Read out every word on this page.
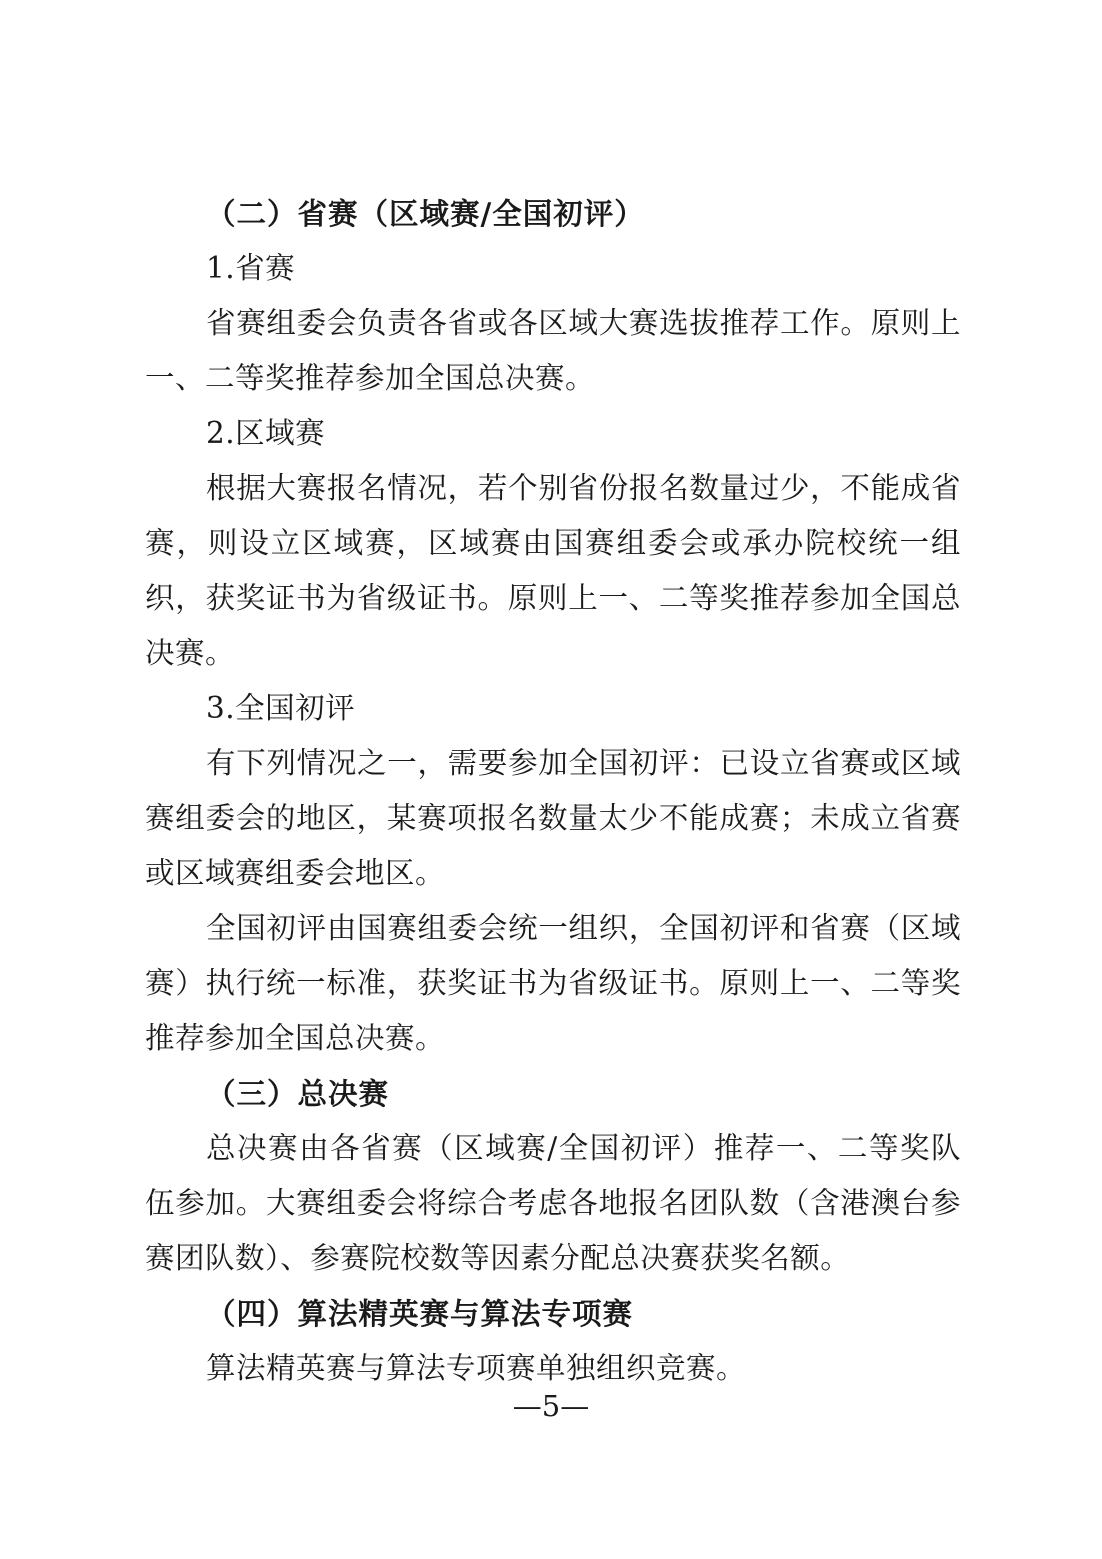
（二）省赛（区域赛/全国初评）

1.省赛

省赛组委会负责各省或各区域大赛选拔推荐工作。原则上一、二等奖推荐参加全国总决赛。

2.区域赛

根据大赛报名情况，若个别省份报名数量过少，不能成省赛，则设立区域赛，区域赛由国赛组委会或承办院校统一组织，获奖证书为省级证书。原则上一、二等奖推荐参加全国总决赛。

3.全国初评

有下列情况之一，需要参加全国初评：已设立省赛或区域赛组委会的地区，某赛项报名数量太少不能成赛；未成立省赛或区域赛组委会地区。

全国初评由国赛组委会统一组织，全国初评和省赛（区域赛）执行统一标准，获奖证书为省级证书。原则上一、二等奖推荐参加全国总决赛。

（三）总决赛

总决赛由各省赛（区域赛/全国初评）推荐一、二等奖队伍参加。大赛组委会将综合考虑各地报名团队数（含港澳台参赛团队数）、参赛院校数等因素分配总决赛获奖名额。

（四）算法精英赛与算法专项赛

算法精英赛与算法专项赛单独组织竞赛。

—5—
